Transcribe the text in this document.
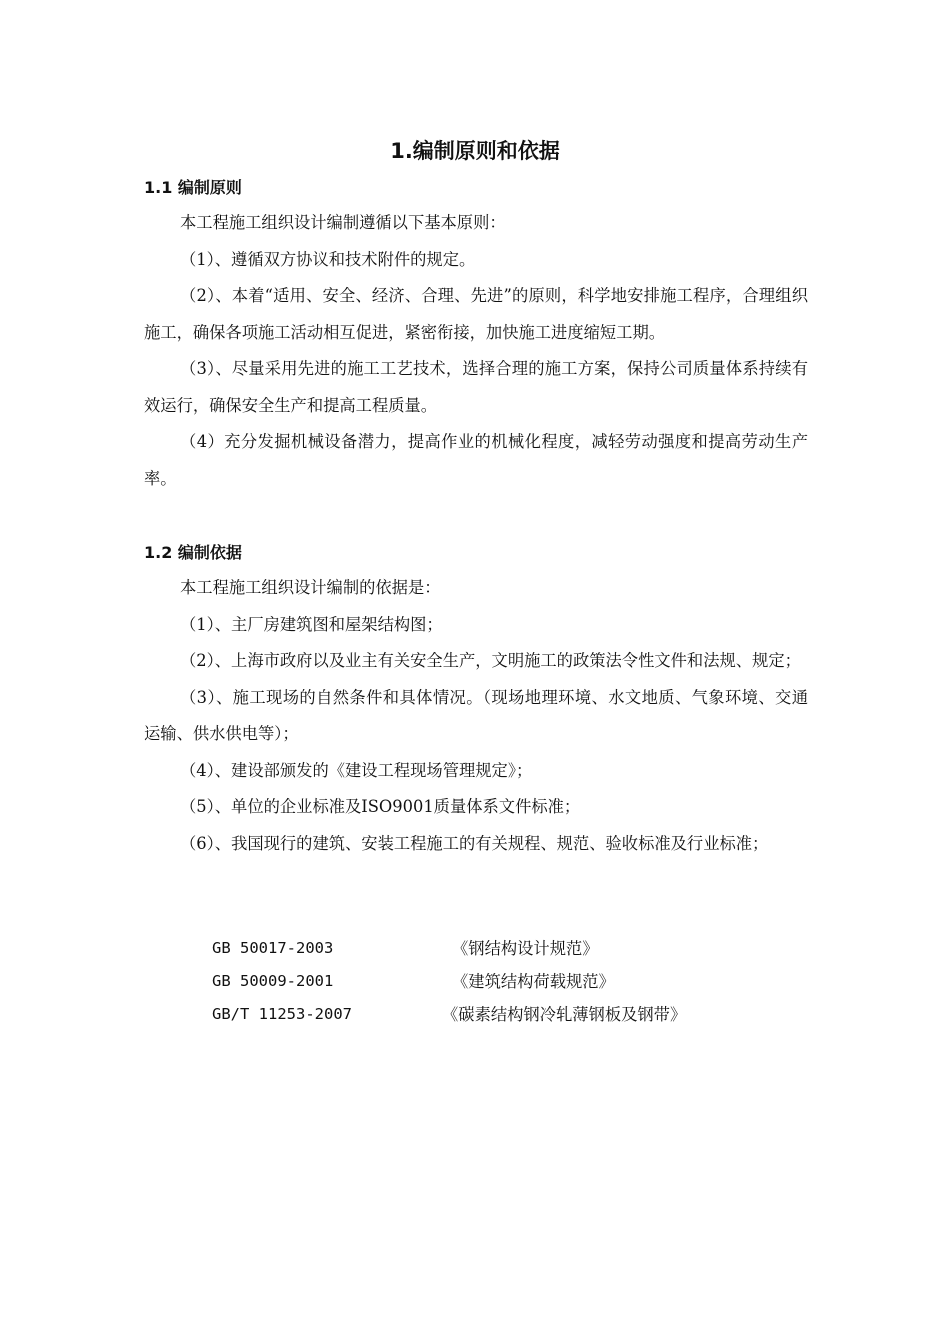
1.编制原则和依据

1.1 编制原则

本工程施工组织设计编制遵循以下基本原则：

（1）、遵循双方协议和技术附件的规定。

（2）、本着“适用、安全、经济、合理、先进”的原则，科学地安排施工程序，合理组织施工，确保各项施工活动相互促进，紧密衔接，加快施工进度缩短工期。

（3）、尽量采用先进的施工工艺技术，选择合理的施工方案，保持公司质量体系持续有效运行，确保安全生产和提高工程质量。

（4）充分发掘机械设备潜力，提高作业的机械化程度，减轻劳动强度和提高劳动生产率。

1.2 编制依据

本工程施工组织设计编制的依据是：

（1）、主厂房建筑图和屋架结构图；

（2）、上海市政府以及业主有关安全生产，文明施工的政策法令性文件和法规、规定；

（3）、施工现场的自然条件和具体情况。（现场地理环境、水文地质、气象环境、交通运输、供水供电等）；

（4）、建设部颁发的《建设工程现场管理规定》；

（5）、单位的企业标准及ISO9001质量体系文件标准；

（6）、我国现行的建筑、安装工程施工的有关规程、规范、验收标准及行业标准；

GB 50017-2003	《钢结构设计规范》
GB 50009-2001	《建筑结构荷载规范》
GB/T 11253-2007	《碳素结构钢冷轧薄钢板及钢带》
